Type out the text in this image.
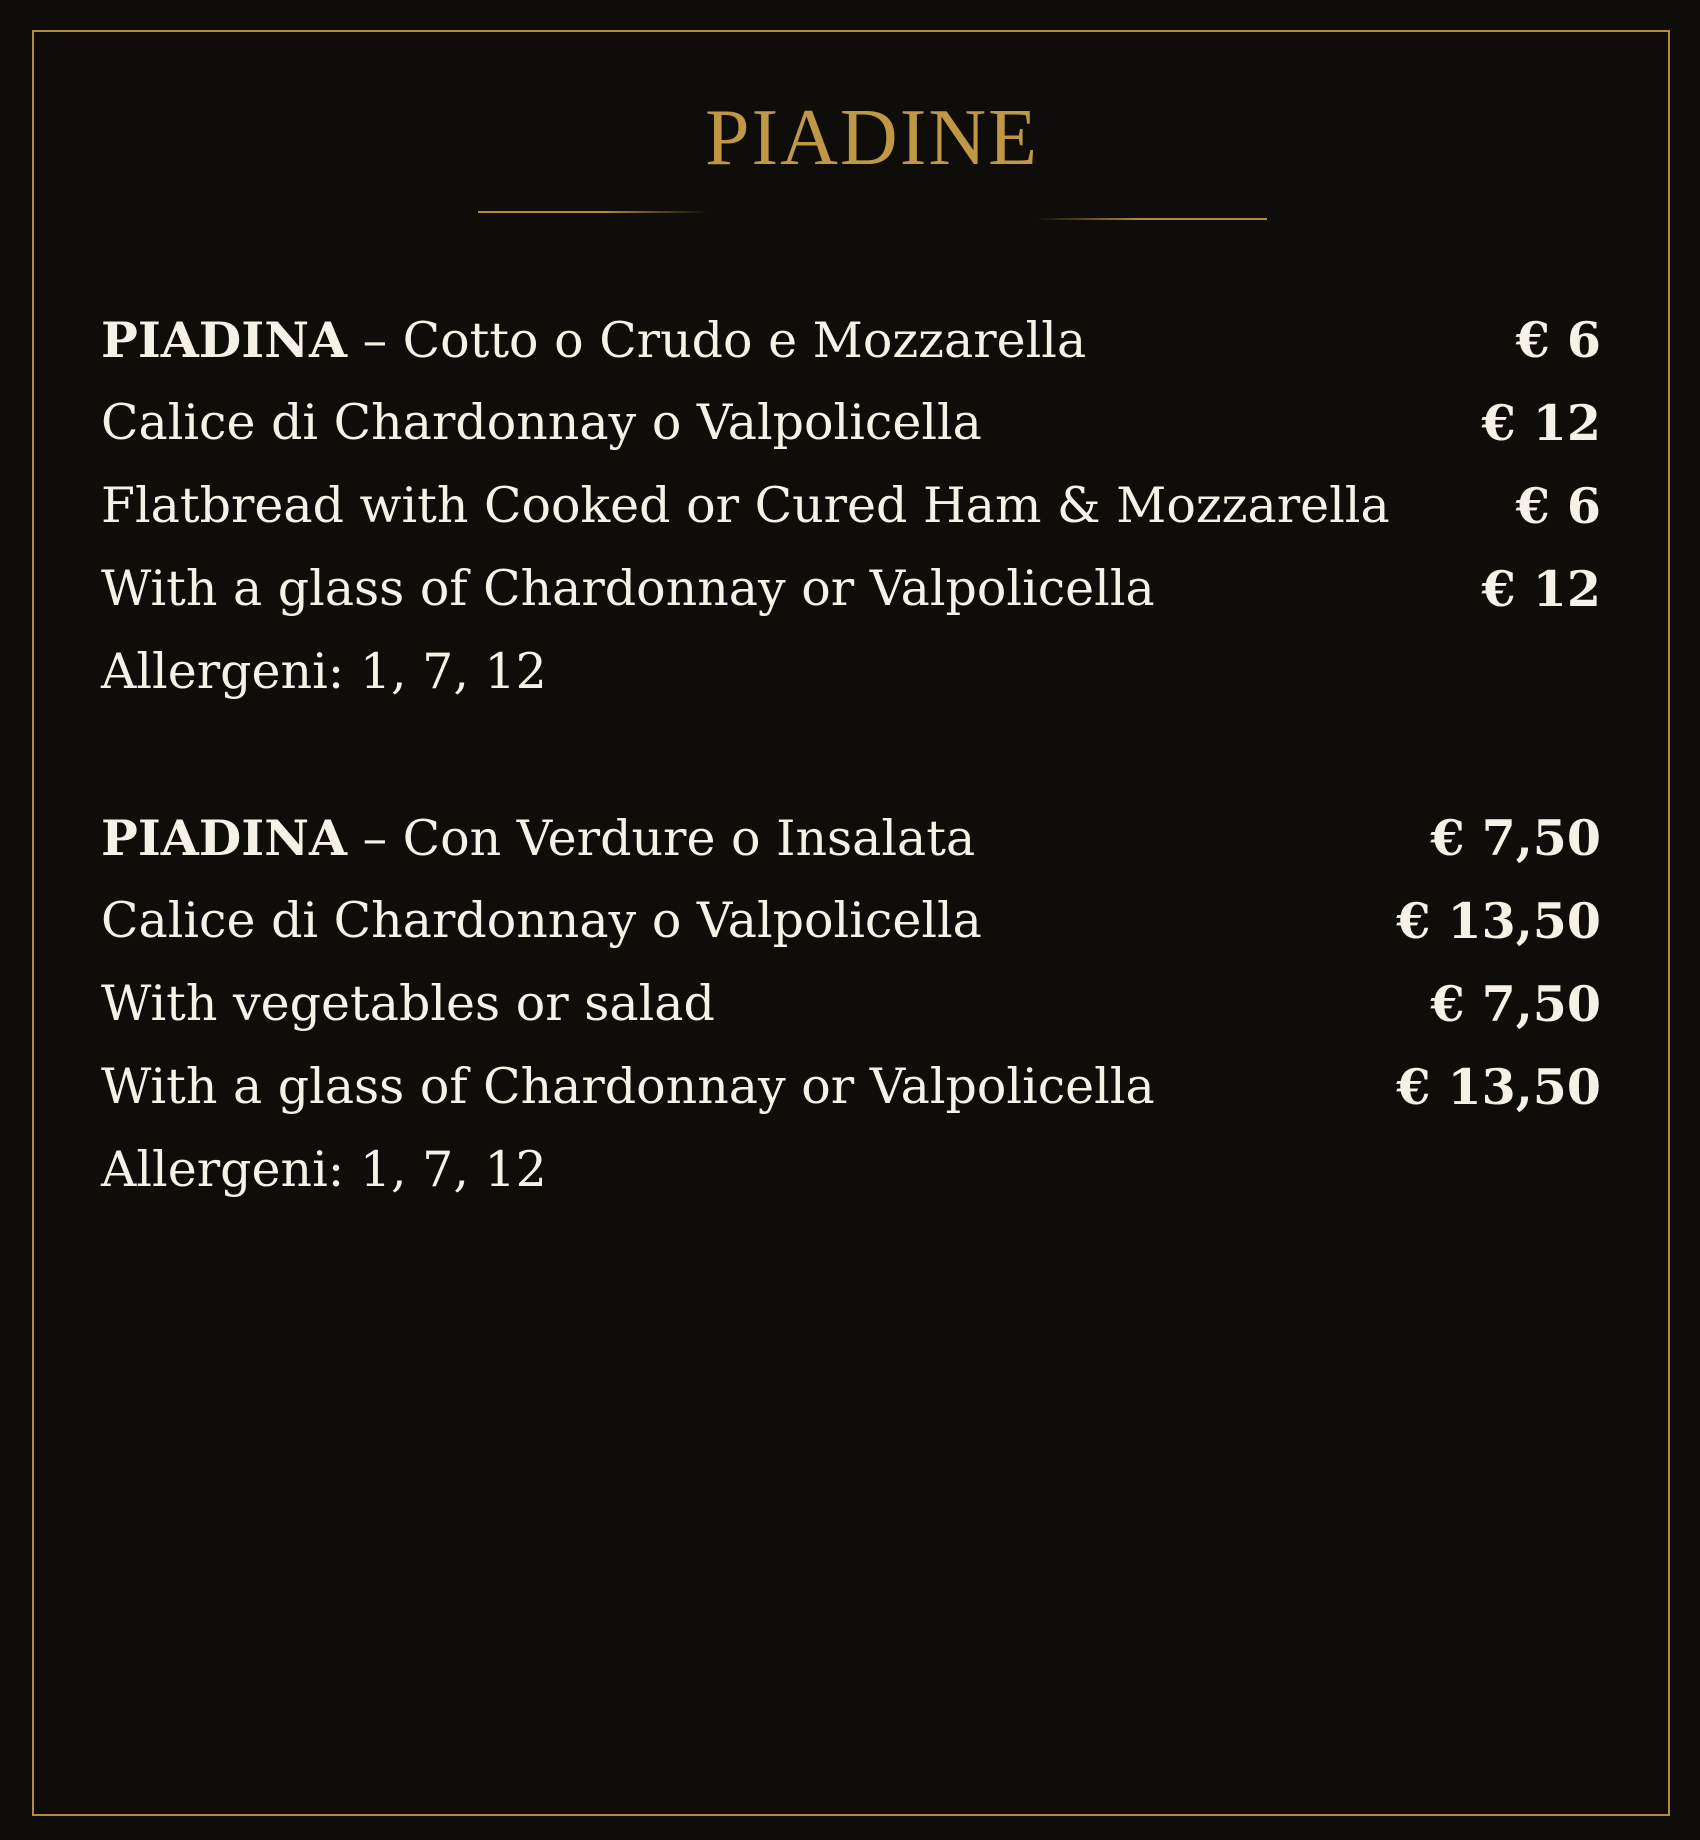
PIADINE
PIADINA – Cotto o Crudo e Mozzarella	€ 6
Calice di Chardonnay o Valpolicella	€ 12
Flatbread with Cooked or Cured Ham & Mozzarella	€ 6
With a glass of Chardonnay or Valpolicella	€ 12
Allergeni: 1, 7, 12
PIADINA – Con Verdure o Insalata	€ 7,50
Calice di Chardonnay o Valpolicella	€ 13,50
With vegetables or salad	€ 7,50
With a glass of Chardonnay or Valpolicella	€ 13,50
Allergeni: 1, 7, 12
